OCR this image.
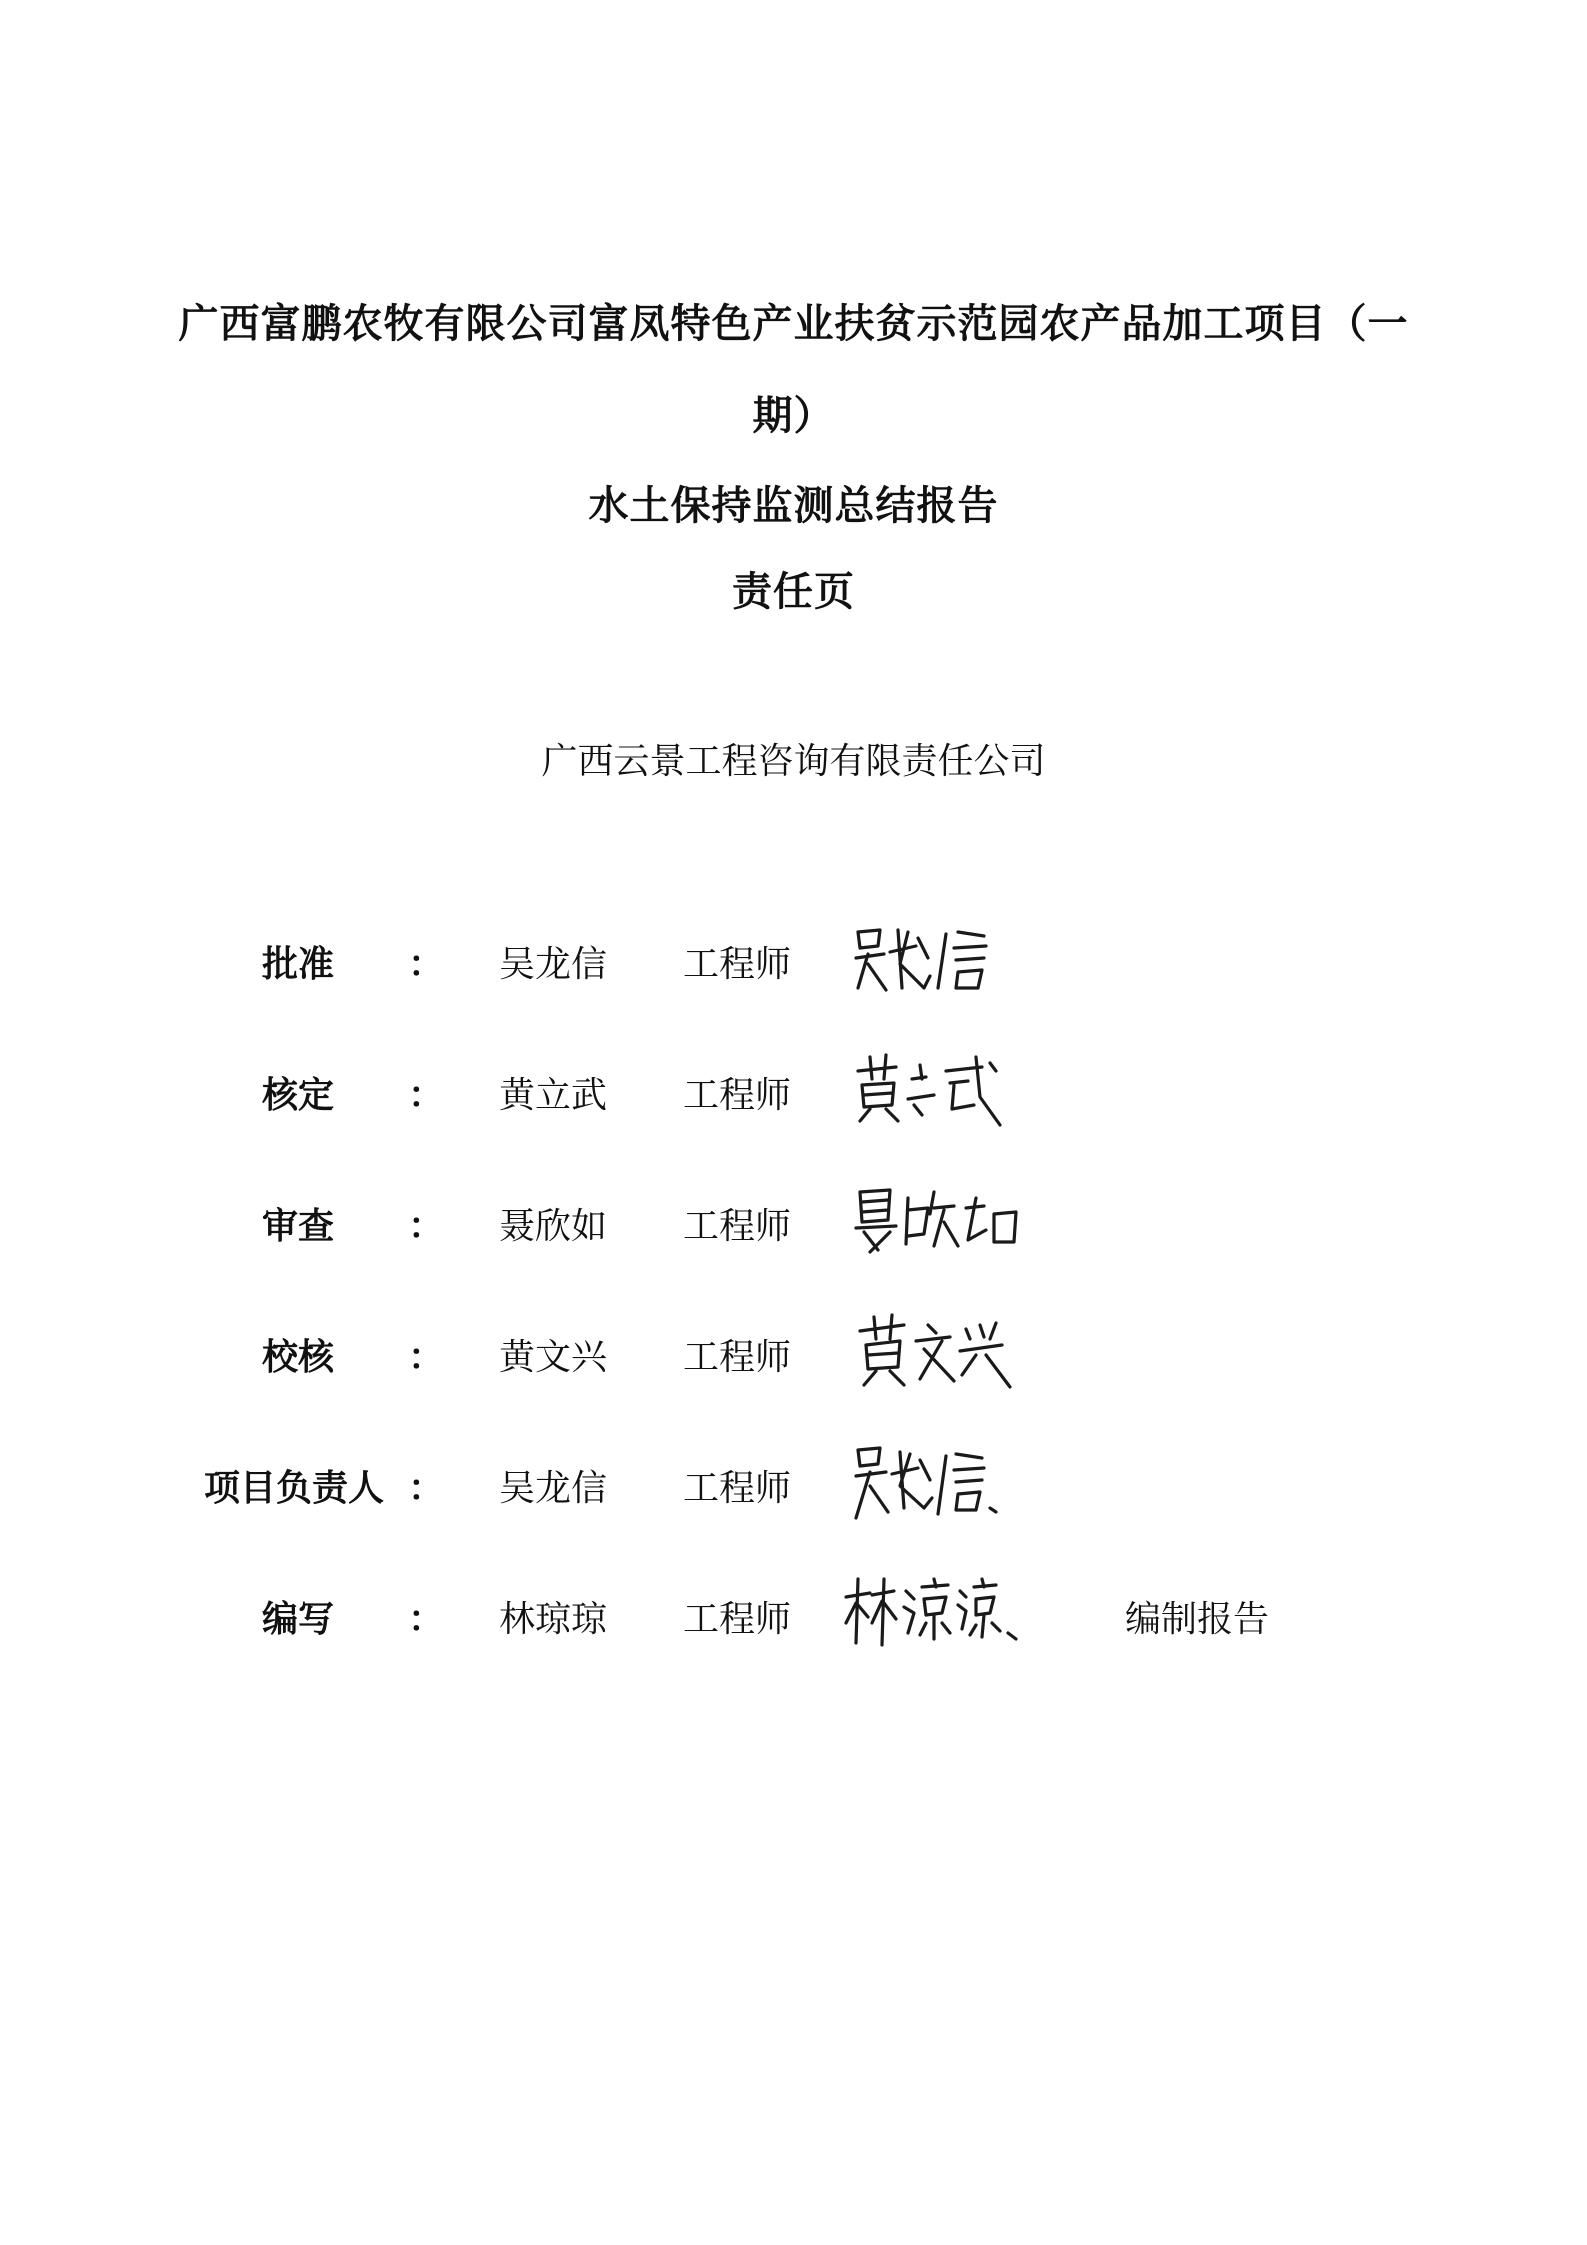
广西富鹏农牧有限公司富凤特色产业扶贫示范园农产品加工项目（一
期）
水土保持监测总结报告
责任页
广西云景工程咨询有限责任公司
批准 ： 吴龙信 工程师
核定 ： 黄立武 工程师
审查 ： 聂欣如 工程师
校核 ： 黄文兴 工程师
项目负责人 ： 吴龙信 工程师
编写 ： 林琼琼 工程师	编制报告
